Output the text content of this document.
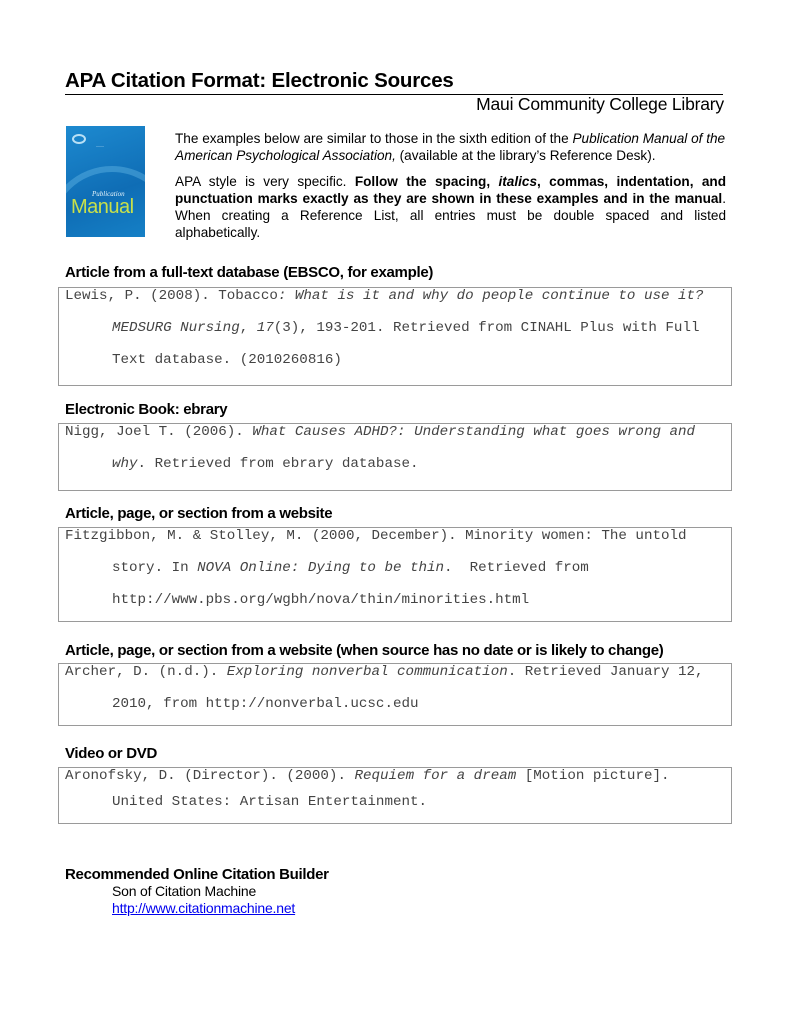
APA Citation Format: Electronic Sources
Maui Community College Library
——
Publication
Manual

The examples below are similar to those in the sixth edition of the Publication Manual of the American Psychological Association, (available at the library’s Reference Desk).

APA style is very specific. Follow the spacing, italics, commas, indentation, and punctuation marks exactly as they are shown in these examples and in the manual. When creating a Reference List, all entries must be double spaced and listed alphabetically.

Article from a full-text database (EBSCO, for example)
Lewis, P. (2008). Tobacco: What is it and why do people continue to use it?
MEDSURG Nursing, 17(3), 193-201. Retrieved from CINAHL Plus with Full
Text database. (2010260816)
Electronic Book: ebrary
Nigg, Joel T. (2006). What Causes ADHD?: Understanding what goes wrong and
why. Retrieved from ebrary database.
Article, page, or section from a website
Fitzgibbon, M. & Stolley, M. (2000, December). Minority women: The untold
story. In NOVA Online: Dying to be thin.  Retrieved from
http://www.pbs.org/wgbh/nova/thin/minorities.html
Article, page, or section from a website (when source has no date or is likely to change)
Archer, D. (n.d.). Exploring nonverbal communication. Retrieved January 12,
2010, from http://nonverbal.ucsc.edu
Video or DVD
Aronofsky, D. (Director). (2000). Requiem for a dream [Motion picture].
United States: Artisan Entertainment.
Recommended Online Citation Builder
Son of Citation Machine
http://www.citationmachine.net
